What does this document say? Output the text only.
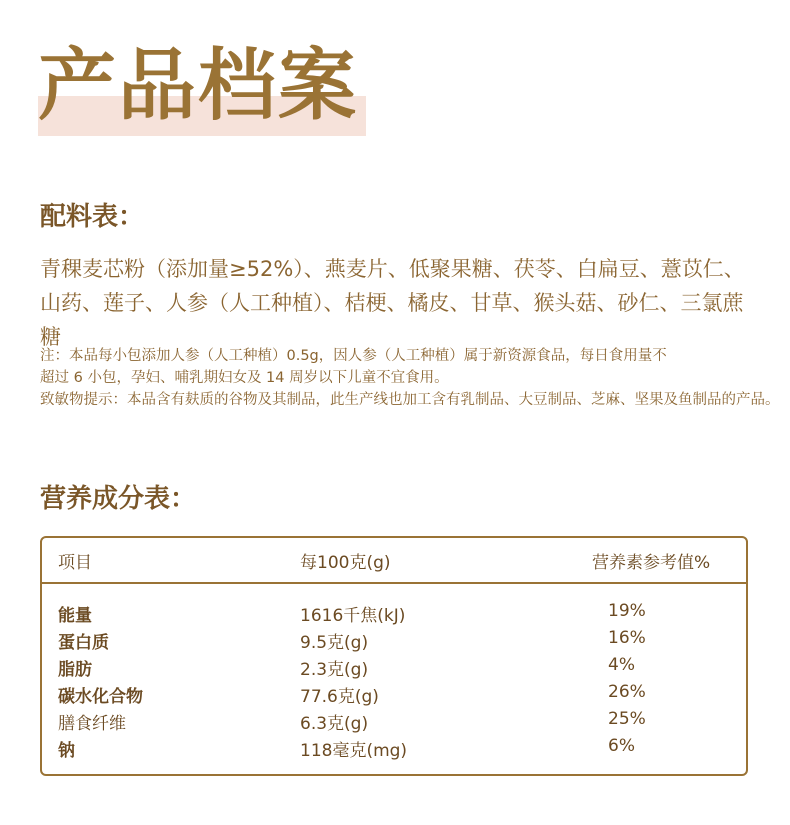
产品档案
配料表：
青稞麦芯粉（添加量≥52%）、燕麦片、低聚果糖、茯苓、白扁豆、薏苡仁、山药、莲子、人参（人工种植）、桔梗、橘皮、甘草、猴头菇、砂仁、三氯蔗糖

注：本品每小包添加人参（人工种植）0.5g，因人参（人工种植）属于新资源食品，每日食用量不

超过 6 小包，孕妇、哺乳期妇女及 14 周岁以下儿童不宜食用。

致敏物提示：本品含有麸质的谷物及其制品，此生产线也加工含有乳制品、大豆制品、芝麻、坚果及鱼制品的产品。

营养成分表：
项目	每100克(g)	营养素参考值%
能量	1616千焦(kJ)	19%
蛋白质	9.5克(g)	16%
脂肪	2.3克(g)	4%
碳水化合物	77.6克(g)	26%
膳食纤维	6.3克(g)	25%
钠	118毫克(mg)	6%
